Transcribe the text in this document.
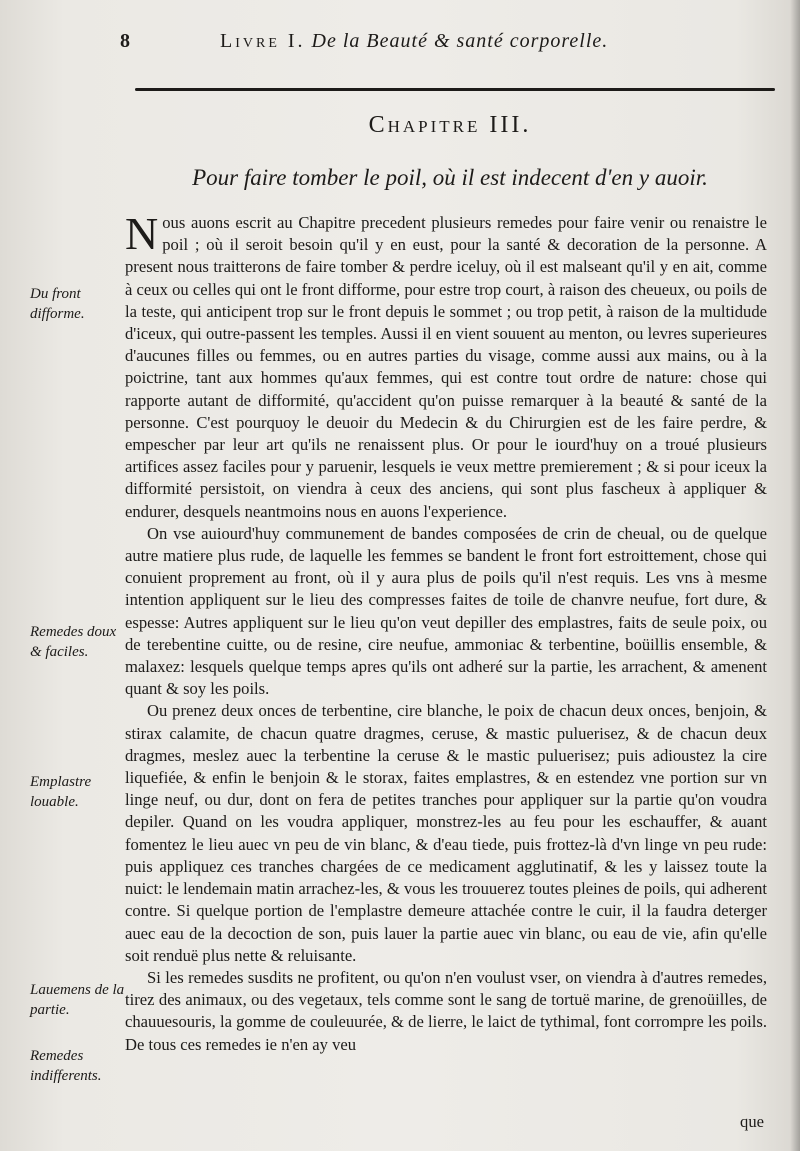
8	Livre I. De la Beauté & santé corporelle.
Chapitre III.
Pour faire tomber le poil, où il est indecent d'en y auoir.

Nous auons escrit au Chapitre precedent plusieurs remedes pour faire venir ou renaistre le poil ; où il seroit besoin qu'il y en eust, pour la santé & decoration de la personne. A present nous traitterons de faire tomber & perdre iceluy, où il est malseant qu'il y en ait, comme à ceux ou celles qui ont le front difforme, pour estre trop court, à raison des cheueux, ou poils de la teste, qui anticipent trop sur le front depuis le sommet ; ou trop petit, à raison de la multidude d'iceux, qui outre-passent les temples. Aussi il en vient souuent au menton, ou levres superieures d'aucunes filles ou femmes, ou en autres parties du visage, comme aussi aux mains, ou à la poictrine, tant aux hommes qu'aux femmes, qui est contre tout ordre de nature: chose qui rapporte autant de difformité, qu'accident qu'on puisse remarquer à la beauté & santé de la personne. C'est pourquoy le deuoir du Medecin & du Chirurgien est de les faire perdre, & empescher par leur art qu'ils ne renaissent plus. Or pour le iourd'huy on a troué plusieurs artifices assez faciles pour y paruenir, lesquels ie veux mettre premierement ; & si pour iceux la difformité persistoit, on viendra à ceux des anciens, qui sont plus fascheux à appliquer & endurer, desquels neantmoins nous en auons l'experience.

On vse auiourd'huy communement de bandes composées de crin de cheual, ou de quelque autre matiere plus rude, de laquelle les femmes se bandent le front fort estroittement, chose qui conuient proprement au front, où il y aura plus de poils qu'il n'est requis. Les vns à mesme intention appliquent sur le lieu des compresses faites de toile de chanvre neufue, fort dure, & espesse: Autres appliquent sur le lieu qu'on veut depiller des emplastres, faits de seule poix, ou de terebentine cuitte, ou de resine, cire neufue, ammoniac & terbentine, boüillis ensemble, & malaxez: lesquels quelque temps apres qu'ils ont adheré sur la partie, les arrachent, & amenent quant & soy les poils.

Ou prenez deux onces de terbentine, cire blanche, le poix de chacun deux onces, benjoin, & stirax calamite, de chacun quatre dragmes, ceruse, & mastic puluerisez, & de chacun deux dragmes, meslez auec la terbentine la ceruse & le mastic puluerisez; puis adioustez la cire liquefiée, & enfin le benjoin & le storax, faites emplastres, & en estendez vne portion sur vn linge neuf, ou dur, dont on fera de petites tranches pour appliquer sur la partie qu'on voudra depiler. Quand on les voudra appliquer, monstrez-les au feu pour les eschauffer, & auant fomentez le lieu auec vn peu de vin blanc, & d'eau tiede, puis frottez-là d'vn linge vn peu rude: puis appliquez ces tranches chargées de ce medicament agglutinatif, & les y laissez toute la nuict: le lendemain matin arrachez-les, & vous les trouuerez toutes pleines de poils, qui adherent contre. Si quelque portion de l'emplastre demeure attachée contre le cuir, il la faudra deterger auec eau de la decoction de son, puis lauer la partie auec vin blanc, ou eau de vie, afin qu'elle soit renduë plus nette & reluisante.

Si les remedes susdits ne profitent, ou qu'on n'en voulust vser, on viendra à d'autres remedes, tirez des animaux, ou des vegetaux, tels comme sont le sang de tortuë marine, de grenoüilles, de chauuesouris, la gomme de couleuurée, & de lierre, le laict de tythimal, font corrompre les poils. De tous ces remedes ie n'en ay veu

que
Du front difforme.
Remedes doux & faciles.
Emplastre louable.
Lauemens de la partie.
Remedes indifferents.
